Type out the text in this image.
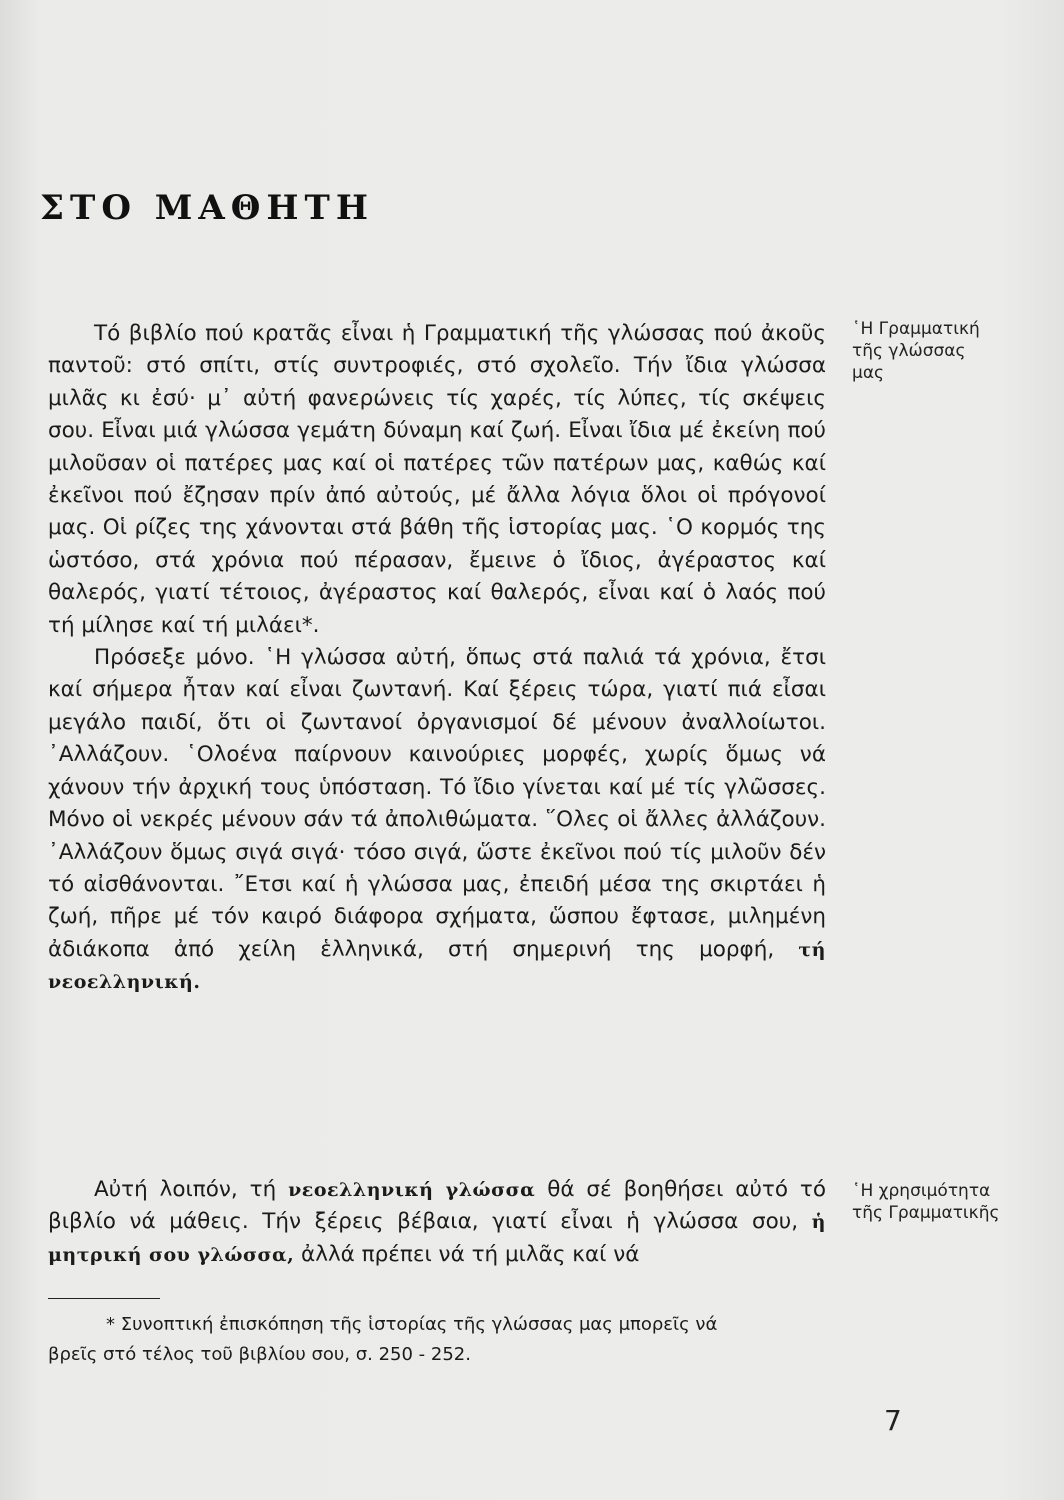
ΣΤΟ ΜΑΘΗΤΗ

Τό βιβλίο πού κρατᾶς εἶναι ἡ Γραμματική τῆς γλώσσας πού ἀκοῦς παντοῦ: στό σπίτι, στίς συντροφιές, στό σχολεῖο. Τήν ἴδια γλώσσα μιλᾶς κι ἐσύ· μ᾽ αὐτή φανερώνεις τίς χαρές, τίς λύπες, τίς σκέψεις σου. Εἶναι μιά γλώσσα γεμάτη δύναμη καί ζωή. Εἶναι ἴδια μέ ἐκείνη πού μιλοῦσαν οἱ πατέρες μας καί οἱ πατέρες τῶν πατέρων μας, καθώς καί ἐκεῖνοι πού ἔζησαν πρίν ἀπό αὐτούς, μέ ἄλλα λόγια ὅλοι οἱ πρόγονοί μας. Οἱ ρίζες της χάνονται στά βάθη τῆς ἱστορίας μας. ῾Ο κορμός της ὡστόσο, στά χρόνια πού πέρασαν, ἔμεινε ὁ ἴδιος, ἀγέραστος καί θαλερός, γιατί τέτοιος, ἀγέραστος καί θαλερός, εἶναι καί ὁ λαός πού τή μίλησε καί τή μιλάει*.

Πρόσεξε μόνο. ῾Η γλώσσα αὐτή, ὅπως στά παλιά τά χρόνια, ἔτσι καί σήμερα ἦταν καί εἶναι ζωντανή. Καί ξέρεις τώρα, γιατί πιά εἶσαι μεγάλο παιδί, ὅτι οἱ ζωντανοί ὀργανισμοί δέ μένουν ἀναλλοίωτοι. ᾽Αλλάζουν. ῾Ολοένα παίρνουν καινούριες μορφές, χωρίς ὅμως νά χάνουν τήν ἀρχική τους ὑπόσταση. Τό ἴδιο γίνεται καί μέ τίς γλῶσσες. Μόνο οἱ νεκρές μένουν σάν τά ἀπολιθώματα. ῞Ολες οἱ ἄλλες ἀλλάζουν. ᾽Αλλάζουν ὅμως σιγά σιγά· τόσο σιγά, ὥστε ἐκεῖνοι πού τίς μιλοῦν δέν τό αἰσθάνονται. ῎Ετσι καί ἡ γλώσσα μας, ἐπειδή μέσα της σκιρτάει ἡ ζωή, πῆρε μέ τόν καιρό διάφορα σχήματα, ὥσπου ἔφτασε, μιλημένη ἀδιάκοπα ἀπό χείλη ἑλληνικά, στή σημερινή της μορφή, τή νεοελληνική.

῾Η Γραμματική
τῆς γλώσσας
μας

Αὐτή λοιπόν, τή νεοελληνική γλώσσα θά σέ βοηθήσει αὐτό τό βιβλίο νά μάθεις. Τήν ξέρεις βέβαια, γιατί εἶναι ἡ γλώσσα σου, ἡ μητρική σου γλώσσα, ἀλλά πρέπει νά τή μιλᾶς καί νά

῾Η χρησιμότητα
τῆς Γραμματικῆς
* Συνοπτική ἐπισκόπηση τῆς ἱστορίας τῆς γλώσσας μας μπορεῖς νά
βρεῖς στό τέλος τοῦ βιβλίου σου, σ. 250 - 252.
7
